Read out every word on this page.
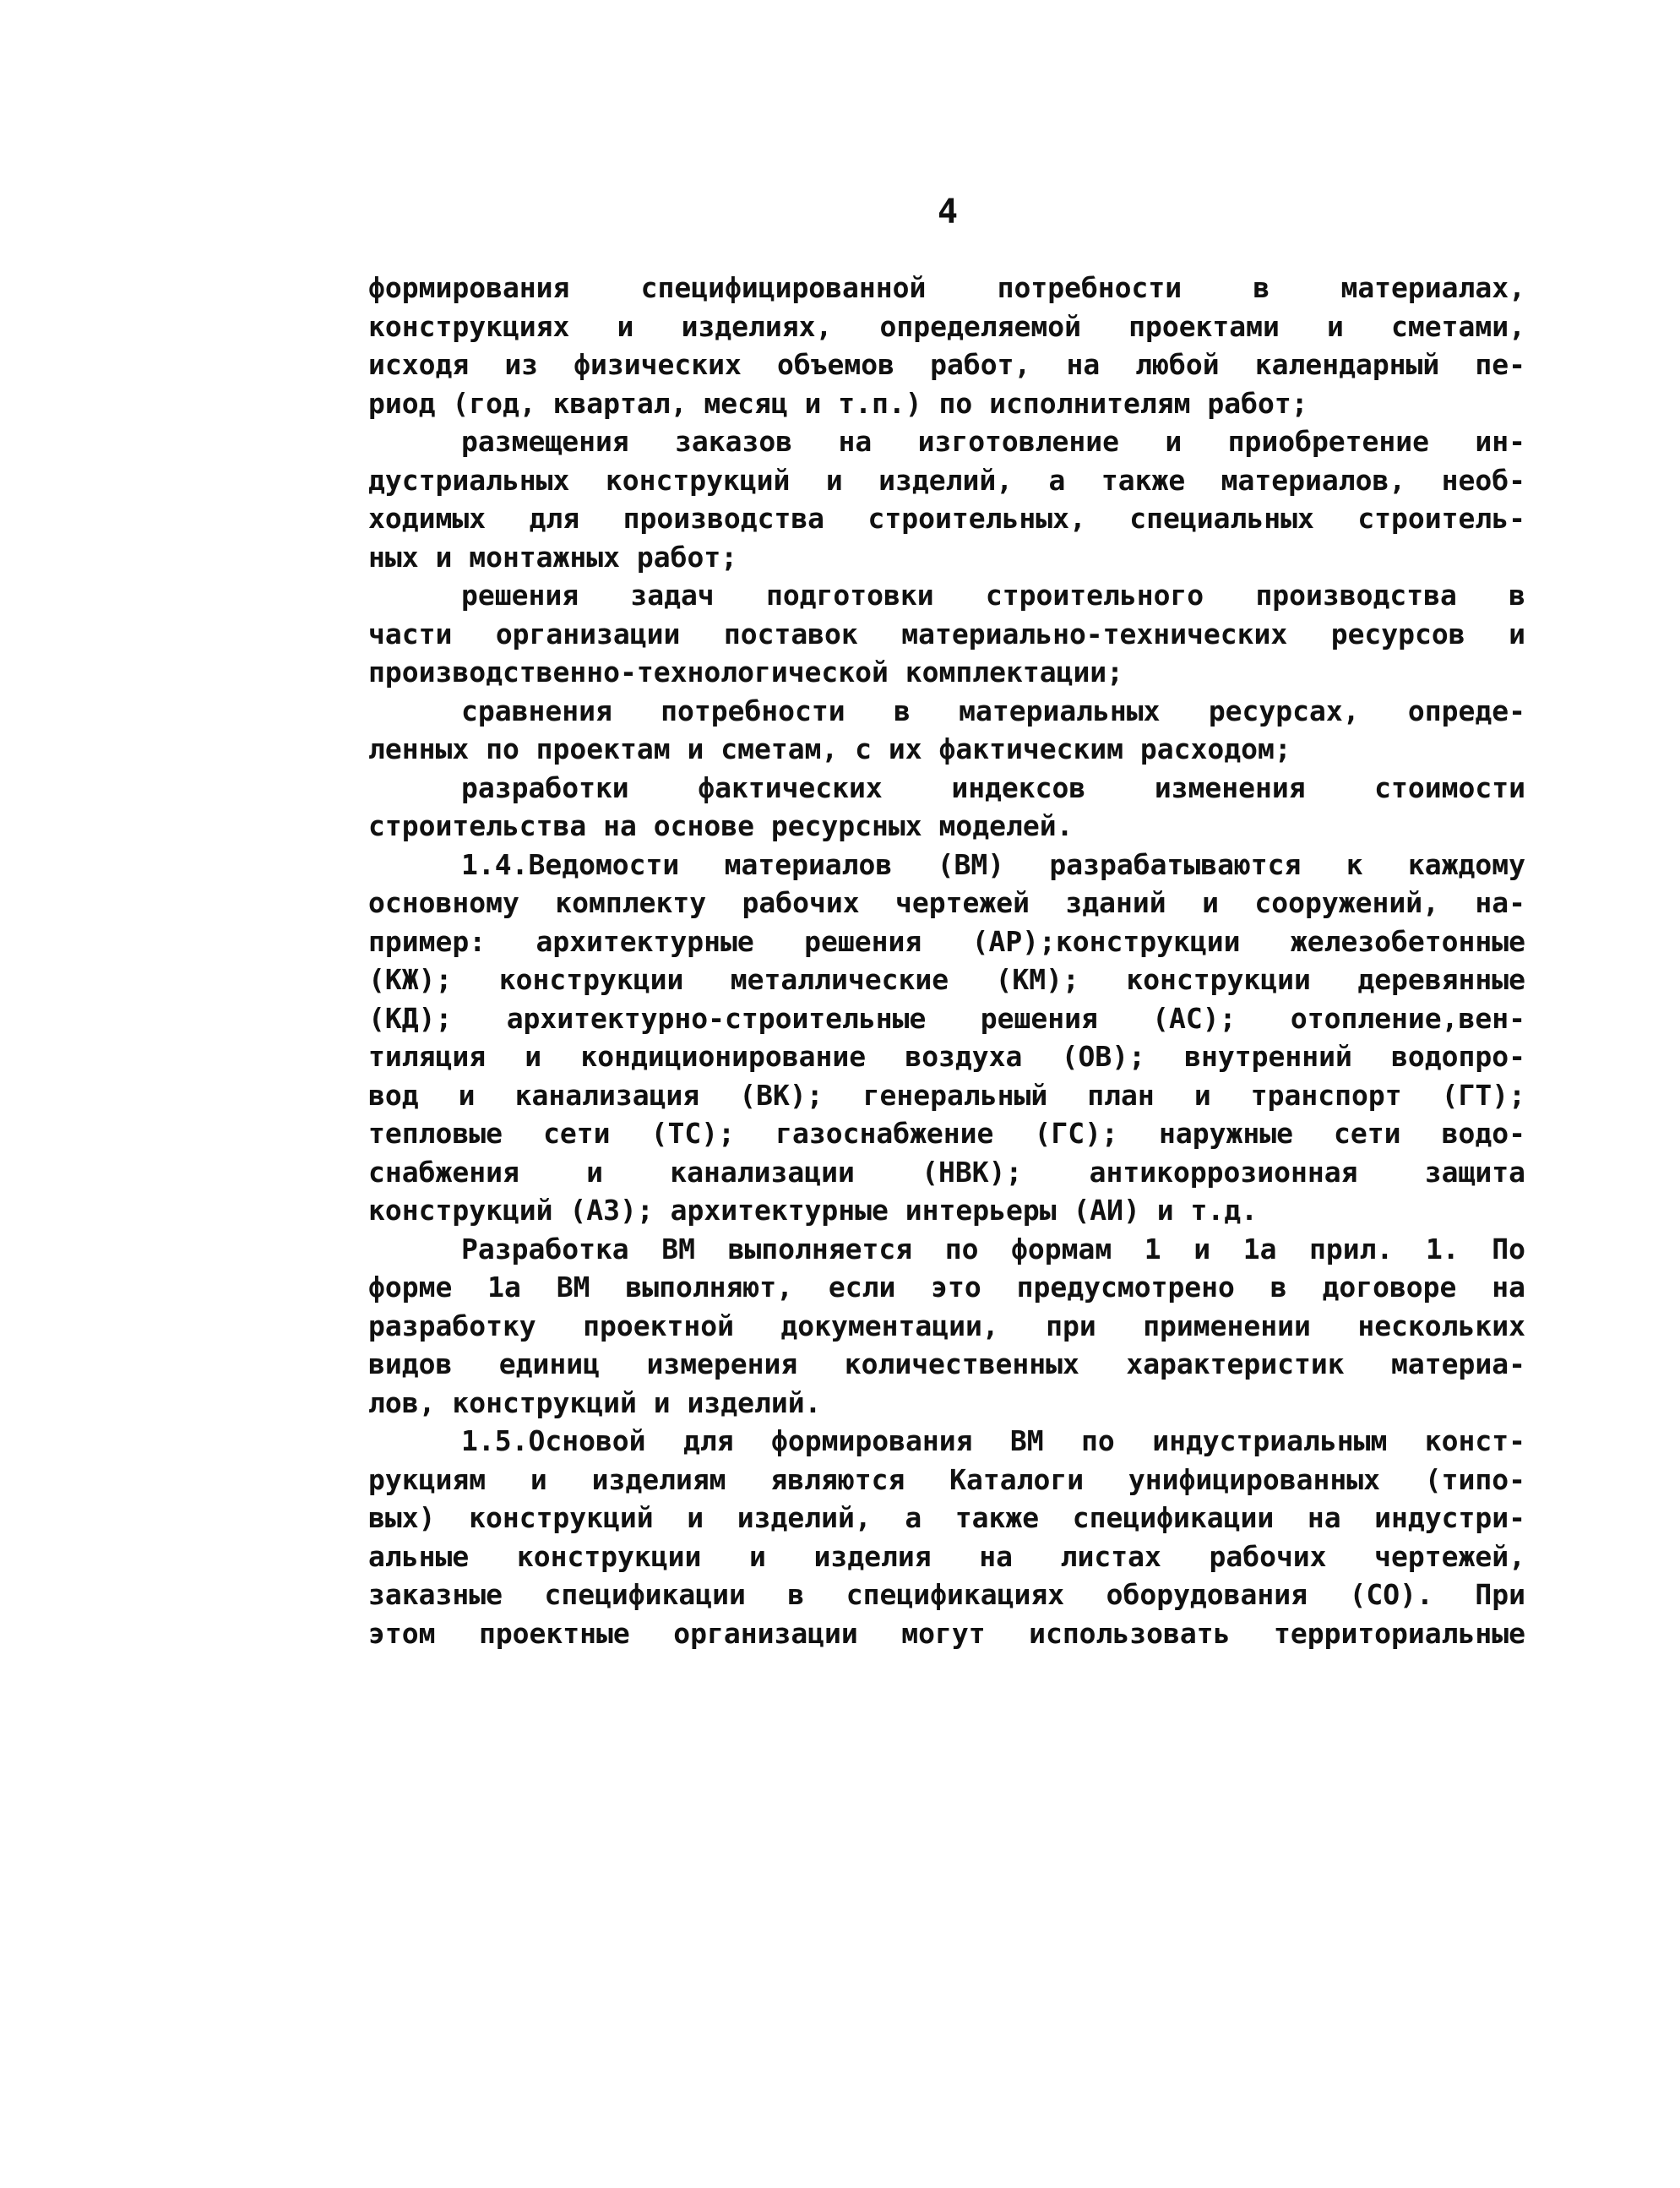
4
формирования специфицированной потребности в материалах,
конструкциях и изделиях, определяемой проектами и сметами,
исходя из физических объемов работ, на любой календарный пе-
риод (год, квартал, месяц и т.п.) по исполнителям работ;
размещения заказов на изготовление и приобретение ин-
дустриальных конструкций и изделий, а также материалов, необ-
ходимых для производства строительных, специальных строитель-
ных и монтажных работ;
решения задач подготовки строительного производства в
части организации поставок материально-технических ресурсов и
производственно-технологической комплектации;
сравнения потребности в материальных ресурсах, опреде-
ленных по проектам и сметам, с их фактическим расходом;
разработки фактических индексов изменения стоимости
строительства на основе ресурсных моделей.
1.4.Ведомости материалов (ВМ) разрабатываются к каждому
основному комплекту рабочих чертежей зданий и сооружений, на-
пример: архитектурные решения (АР);конструкции железобетонные
(КЖ); конструкции металлические (КМ); конструкции деревянные
(КД); архитектурно-строительные решения (АС); отопление,вен-
тиляция и кондиционирование воздуха (ОВ); внутренний водопро-
вод и канализация (ВК); генеральный план и транспорт (ГТ);
тепловые сети (ТС); газоснабжение (ГС); наружные сети водо-
снабжения и канализации (НВК); антикоррозионная защита
конструкций (АЗ); архитектурные интерьеры (АИ) и т.д.
Разработка ВМ выполняется по формам 1 и 1а прил. 1. По
форме 1а ВМ выполняют, если это предусмотрено в договоре на
разработку проектной документации, при применении нескольких
видов единиц измерения количественных характеристик материа-
лов, конструкций и изделий.
1.5.Основой для формирования ВМ по индустриальным конст-
рукциям и изделиям являются Каталоги унифицированных (типо-
вых) конструкций и изделий, а также спецификации на индустри-
альные конструкции и изделия на листах рабочих чертежей,
заказные спецификации в спецификациях оборудования (СО). При
этом проектные организации могут использовать территориальные
